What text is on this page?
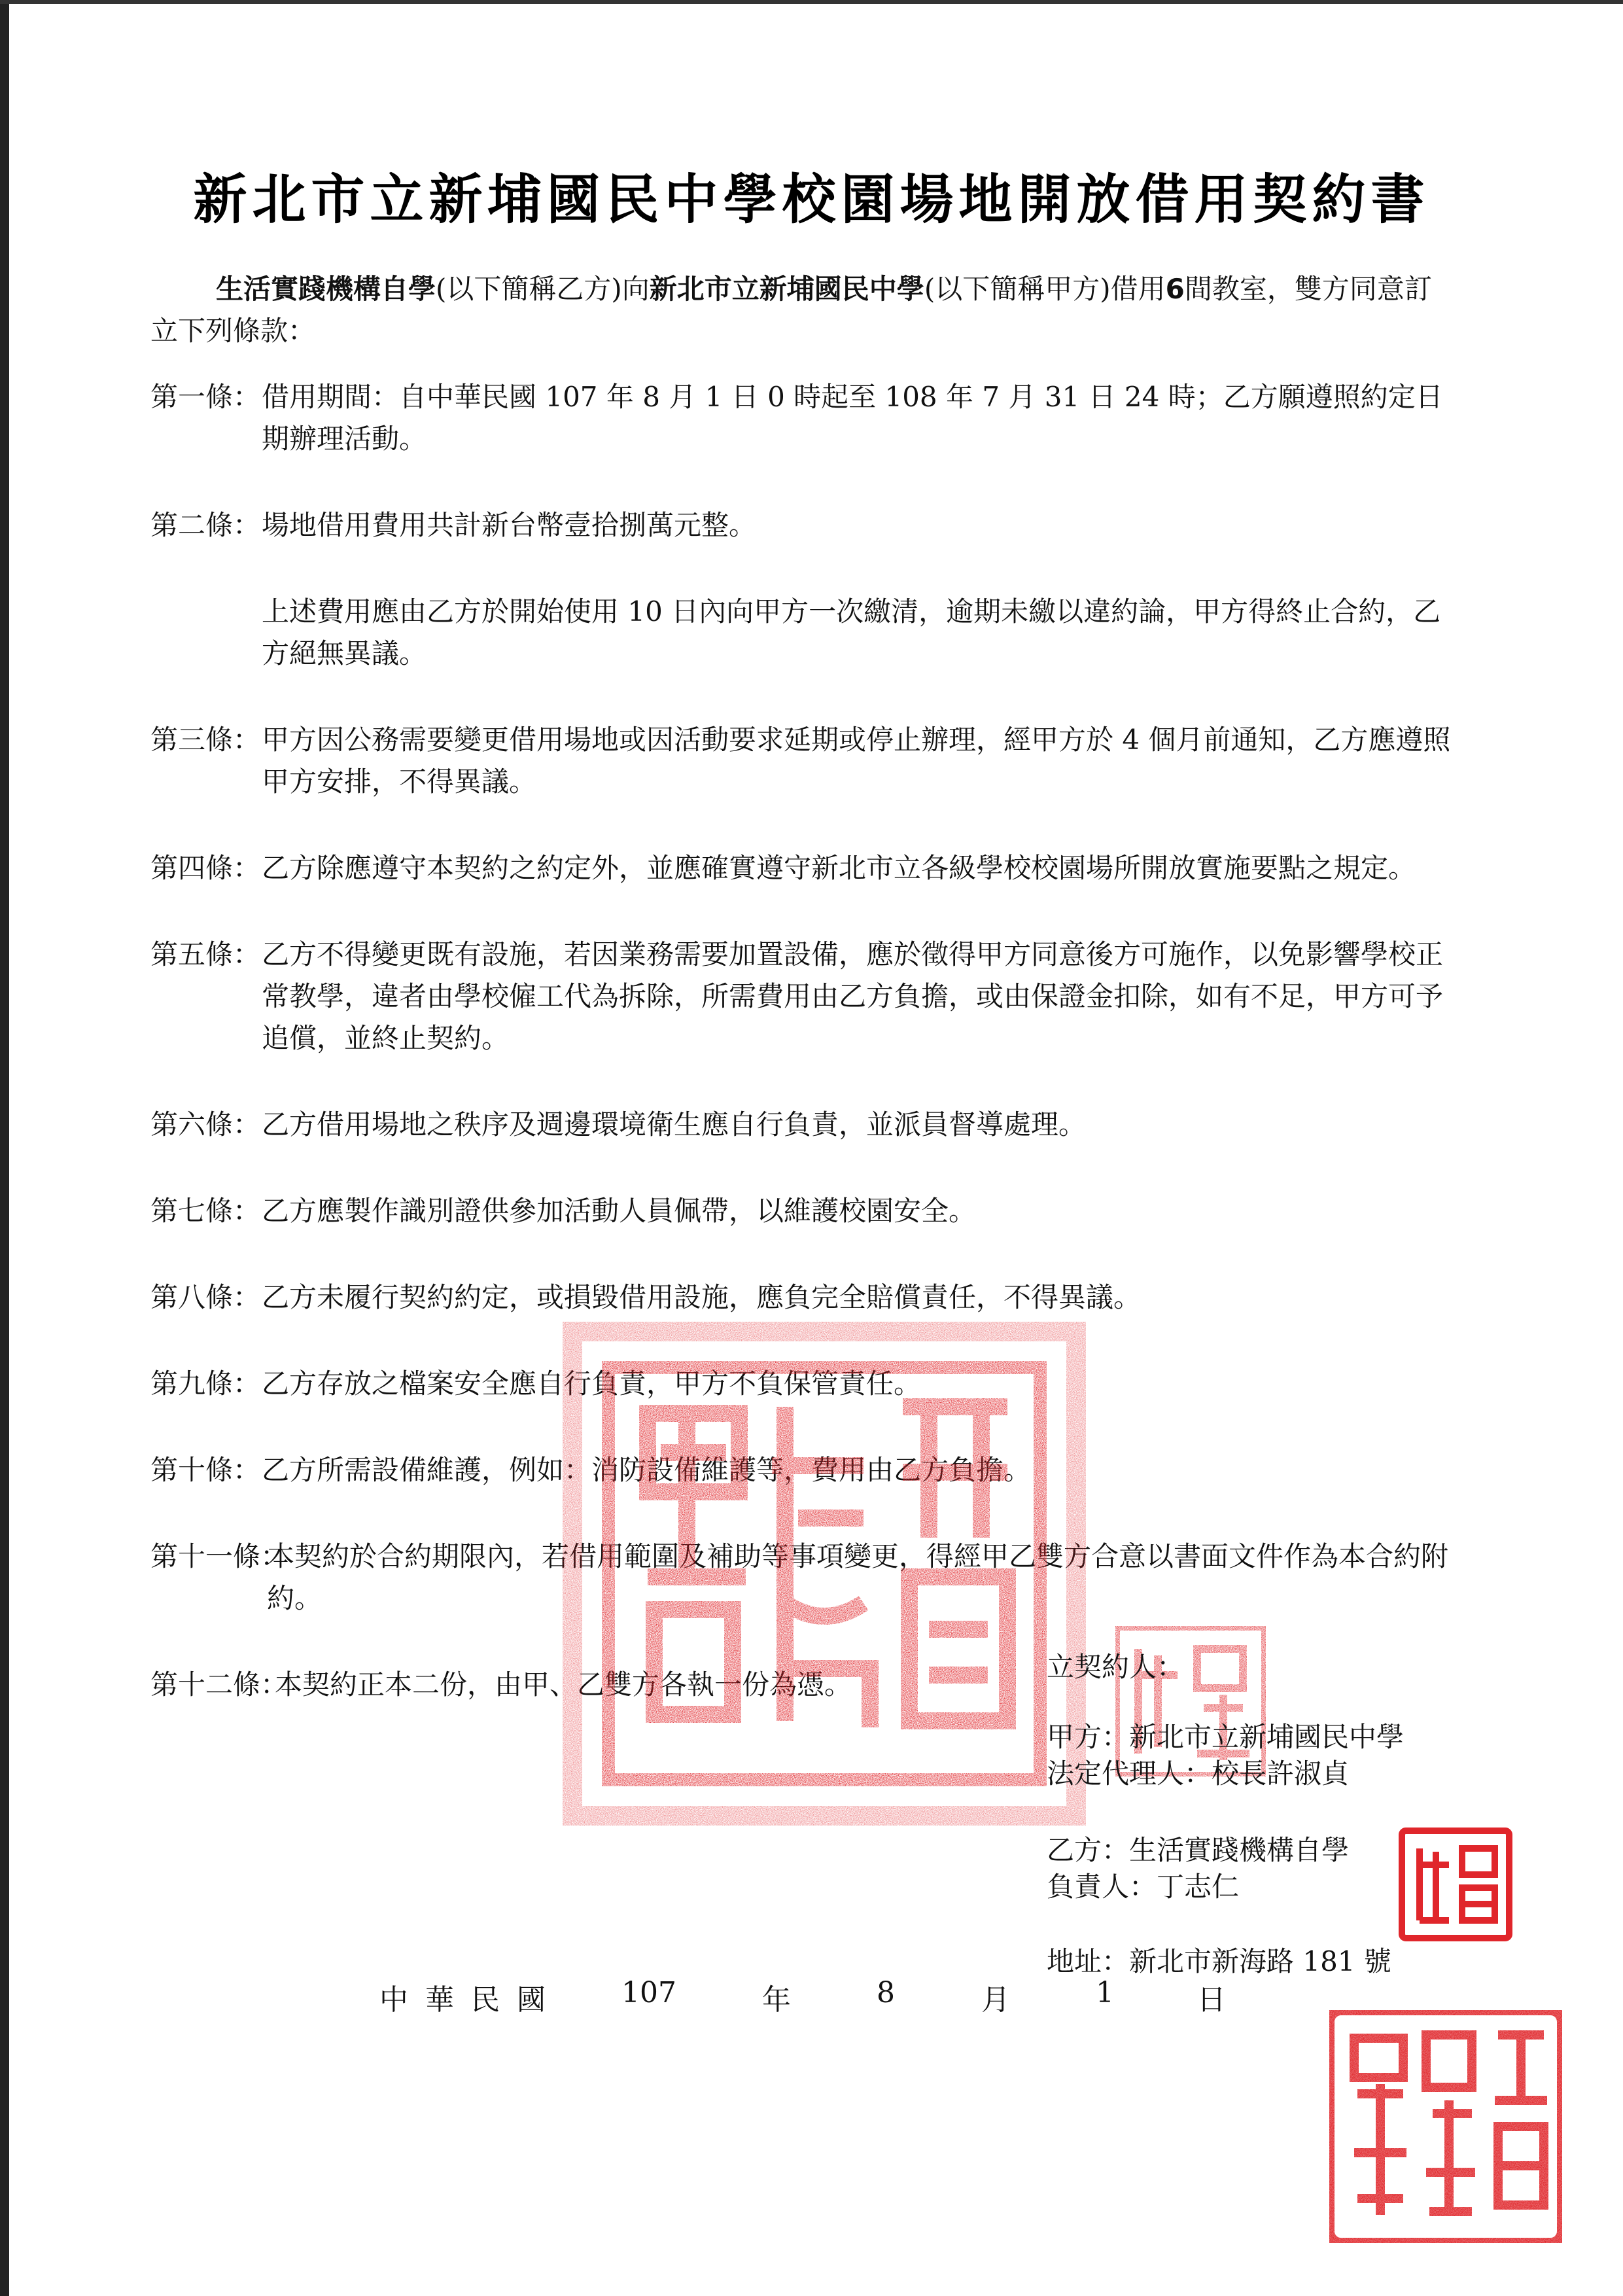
新北市立新埔國民中學校園場地開放借用契約書
生活實踐機構自學(以下簡稱乙方)向新北市立新埔國民中學(以下簡稱甲方)借用6間教室，雙方同意訂立下列條款：
第一條： 借用期間：自中華民國 107 年 8 月 1 日 0 時起至 108 年 7 月 31 日 24 時；乙方願遵照約定日期辦理活動。

第二條： 場地借用費用共計新台幣壹拾捌萬元整。

上述費用應由乙方於開始使用 10 日內向甲方一次繳清，逾期未繳以違約論，甲方得終止合約，乙方絕無異議。

第三條： 甲方因公務需要變更借用場地或因活動要求延期或停止辦理，經甲方於 4 個月前通知，乙方應遵照甲方安排，不得異議。

第四條： 乙方除應遵守本契約之約定外，並應確實遵守新北市立各級學校校園場所開放實施要點之規定。

第五條： 乙方不得變更既有設施，若因業務需要加置設備，應於徵得甲方同意後方可施作，以免影響學校正常教學，違者由學校僱工代為拆除，所需費用由乙方負擔，或由保證金扣除，如有不足，甲方可予追償，並終止契約。

第六條： 乙方借用場地之秩序及週邊環境衛生應自行負責，並派員督導處理。

第七條： 乙方應製作識別證供參加活動人員佩帶，以維護校園安全。

第八條： 乙方未履行契約約定，或損毀借用設施，應負完全賠償責任，不得異議。

第九條： 乙方存放之檔案安全應自行負責，甲方不負保管責任。

第十條： 乙方所需設備維護，例如：消防設備維護等，費用由乙方負擔。

第十一條：

本契約於合約期限內，若借用範圍及補助等事項變更，得經甲乙雙方合意以書面文件作為本合約附約。

第十二條：

本契約正本二份，由甲、乙雙方各執一份為憑。

立契約人：
甲方：新北市立新埔國民中學
法定代理人：校長許淑貞
乙方：生活實踐機構自學
負責人：丁志仁
地址：新北市新海路 181 號
中 華 民 國	107	年	8	月	1	日
